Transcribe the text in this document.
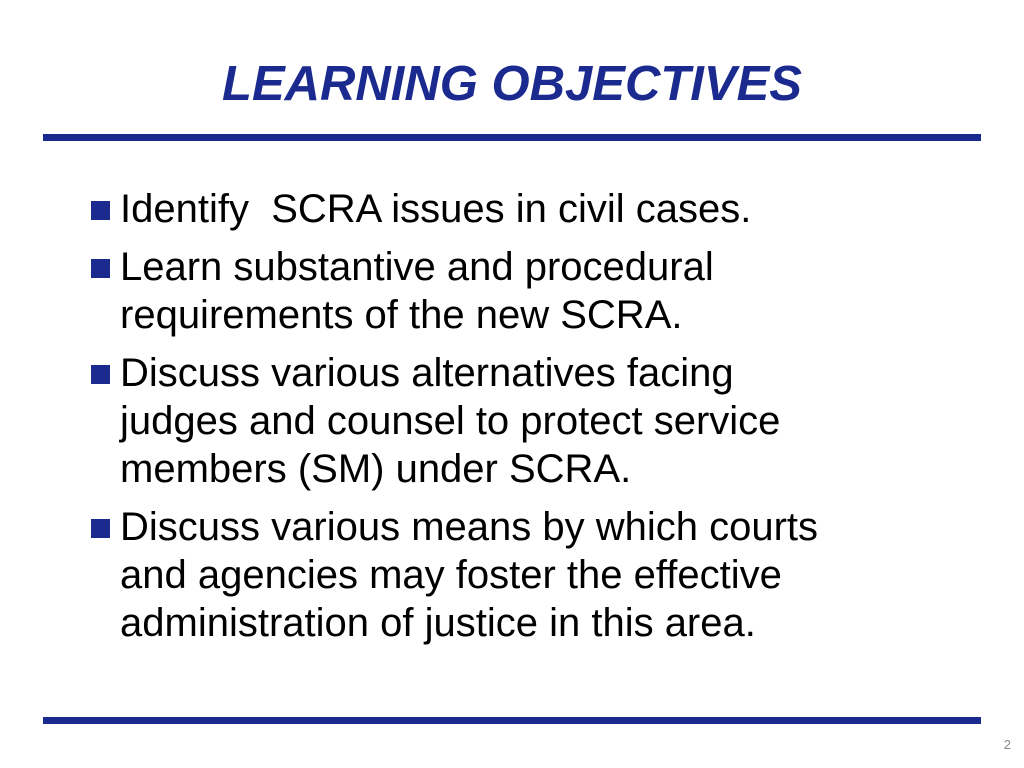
LEARNING OBJECTIVES
Identify  SCRA issues in civil cases.
Learn substantive and procedural
requirements of the new SCRA.
Discuss various alternatives facing
judges and counsel to protect service
members (SM) under SCRA.
Discuss various means by which courts
and agencies may foster the effective
administration of justice in this area.
2
